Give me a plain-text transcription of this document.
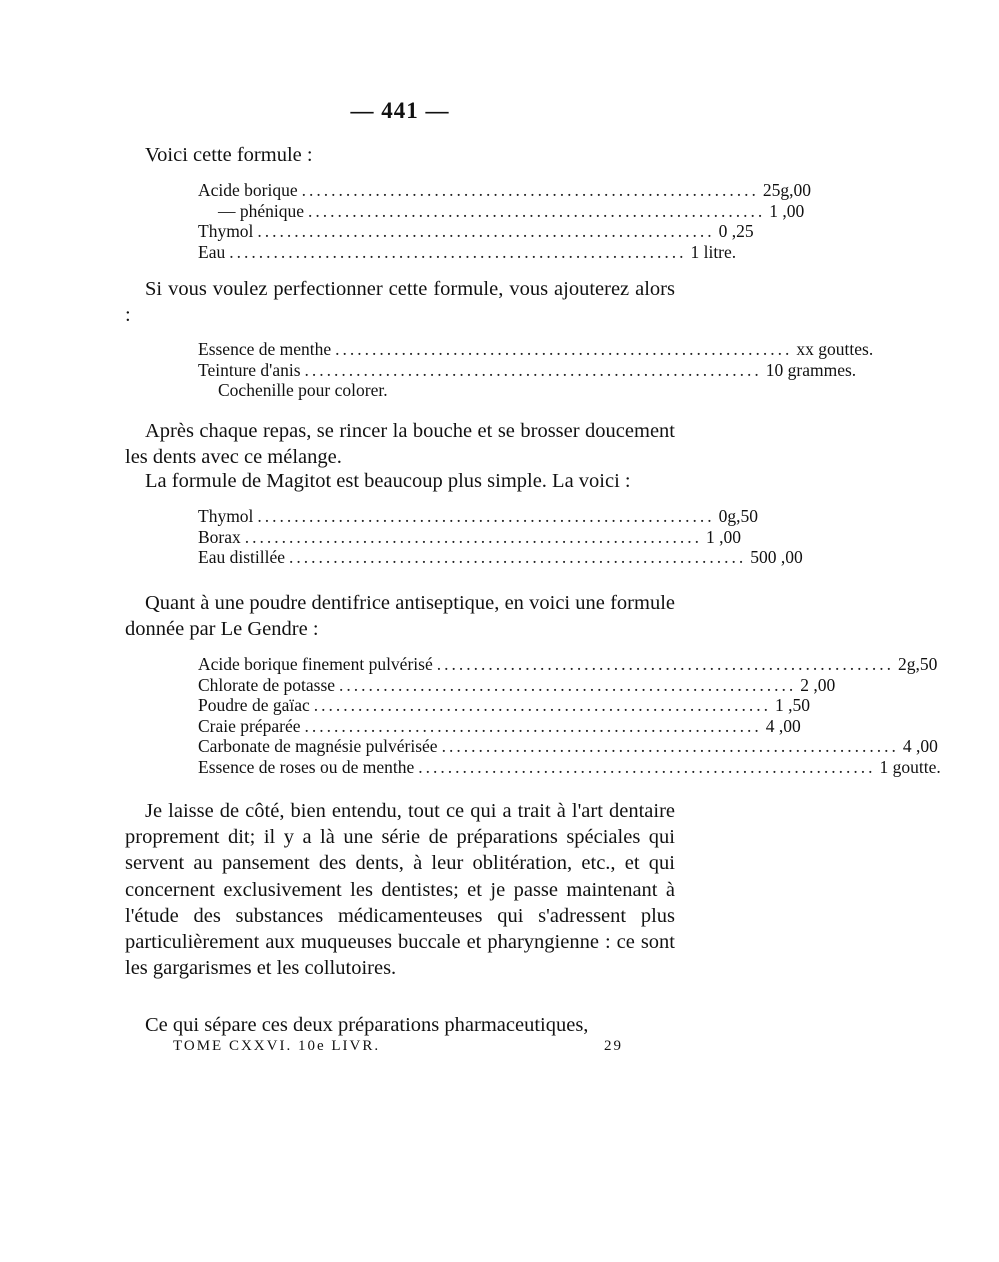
— 441 —
Voici cette formule :
Acide borique .............................................................. 25g,00
— phénique .............................................................. 1 ,00
Thymol .............................................................. 0 ,25
Eau .............................................................. 1 litre.

Si vous voulez perfectionner cette formule, vous ajouterez alors :

Essence de menthe .............................................................. xx gouttes.
Teinture d'anis .............................................................. 10 grammes.
Cochenille pour colorer.

Après chaque repas, se rincer la bouche et se brosser doucement les dents avec ce mélange.

La formule de Magitot est beaucoup plus simple. La voici :
Thymol .............................................................. 0g,50
Borax .............................................................. 1 ,00
Eau distillée .............................................................. 500 ,00

Quant à une poudre dentifrice antiseptique, en voici une formule donnée par Le Gendre :

Acide borique finement pulvérisé .............................................................. 2g,50
Chlorate de potasse .............................................................. 2 ,00
Poudre de gaïac .............................................................. 1 ,50
Craie préparée .............................................................. 4 ,00
Carbonate de magnésie pulvérisée .............................................................. 4 ,00
Essence de roses ou de menthe .............................................................. 1 goutte.

Je laisse de côté, bien entendu, tout ce qui a trait à l'art dentaire proprement dit; il y a là une série de préparations spéciales qui servent au pansement des dents, à leur oblitération, etc., et qui concernent exclusivement les dentistes; et je passe maintenant à l'étude des substances médicamenteuses qui s'adressent plus particulièrement aux muqueuses buccale et pharyngienne : ce sont les gargarismes et les collutoires.

Ce qui sépare ces deux préparations pharmaceutiques,
TOME CXXVI. 10e LIVR.	29
